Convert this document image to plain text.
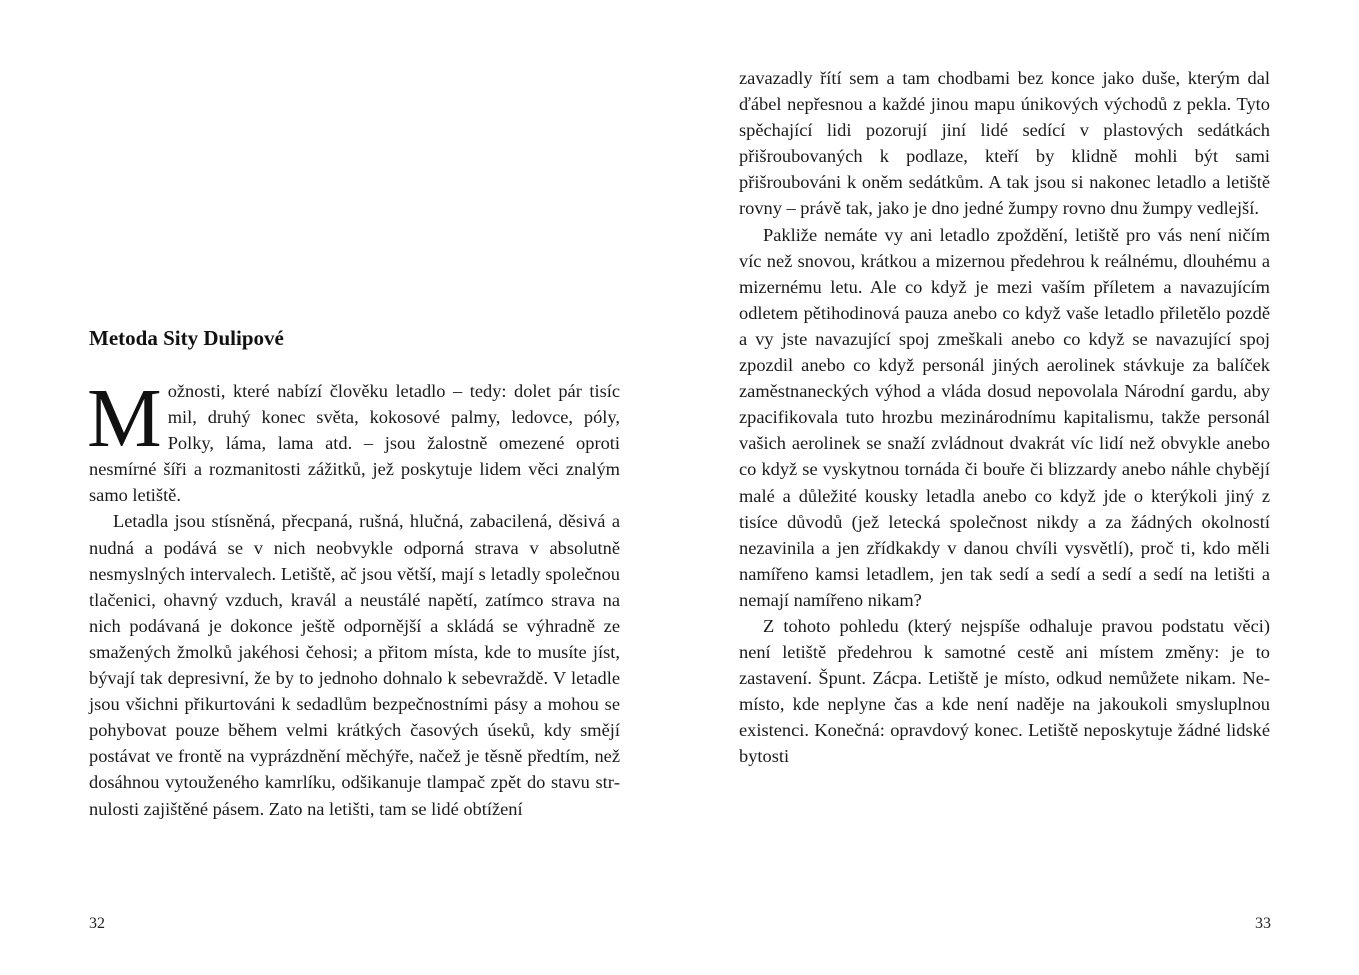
Metoda Sity Dulipové

Možnosti, které nabízí člověku letadlo – tedy: dolet pár tisíc mil, druhý konec světa, kokosové palmy, ledovce, póly, Polky, láma, lama atd. – jsou žalostně omezené oproti nesmírné šíři a rozmanitosti zážitků, jež poskytuje lidem věci znalým samo letiště.

Letadla jsou stísněná, přecpaná, rušná, hlučná, zabacilená, děsivá a nudná a podává se v nich neobvykle odporná strava v absolutně nesmyslných intervalech. Letiště, ač jsou větší, mají s letadly společnou tlačenici, ohavný vzduch, kravál a neustálé napětí, zatímco strava na nich podávaná je dokonce ještě odpornější a skládá se výhradně ze smažených žmolků jakéhosi čehosi; a přitom místa, kde to musíte jíst, bývají tak depresivní, že by to jednoho dohnalo k sebevraždě. V letadle jsou všichni přikurtováni k sedadlům bezpečnostními pásy a mohou se pohybovat pouze během velmi krátkých časových úseků, kdy smějí postávat ve frontě na vyprázdnění měchýře, načež je těsně předtím, než dosáhnou vytouženého kamrlíku, odšikanuje tlampač zpět do stavu strnulosti zajištěné pásem. Zato na letišti, tam se lidé obtížení

32

zavazadly řítí sem a tam chodbami bez konce jako duše, kterým dal ďábel nepřesnou a každé jinou mapu únikových východů z pekla. Tyto spěchající lidi pozorují jiní lidé sedící v plastových sedátkách přišroubovaných k podlaze, kteří by klidně mohli být sami přišroubováni k oněm sedátkům. A tak jsou si nakonec letadlo a letiště rovny – právě tak, jako je dno jedné žumpy rovno dnu žumpy vedlejší.

Pakliže nemáte vy ani letadlo zpoždění, letiště pro vás není ničím víc než snovou, krátkou a mizernou předehrou k reálnému, dlouhému a mizernému letu. Ale co když je mezi vaším příletem a navazujícím odletem pětihodinová pauza anebo co když vaše letadlo přiletělo pozdě a vy jste navazující spoj zmeškali anebo co když se navazující spoj zpozdil anebo co když personál jiných aerolinek stávkuje za balíček zaměstnaneckých výhod a vláda dosud nepovolala Národní gardu, aby zpacifikovala tuto hrozbu mezinárodnímu kapitalismu, takže personál vašich aerolinek se snaží zvládnout dvakrát víc lidí než obvykle anebo co když se vyskytnou tornáda či bouře či blizzardy anebo náhle chybějí malé a důležité kousky letadla anebo co když jde o kterýkoli jiný z tisíce důvodů (jež letecká společnost nikdy a za žádných okolností nezavinila a jen zřídkakdy v danou chvíli vysvětlí), proč ti, kdo měli namířeno kamsi letadlem, jen tak sedí a sedí a sedí a sedí na letišti a nemají namířeno nikam?

Z tohoto pohledu (který nejspíše odhaluje pravou podstatu věci) není letiště předehrou k samotné cestě ani místem změny: je to zastavení. Špunt. Zácpa. Letiště je místo, odkud nemůžete nikam. Ne-místo, kde neplyne čas a kde není naděje na jakoukoli smysluplnou existenci. Konečná: opravdový konec. Letiště neposkytuje žádné lidské bytosti

33
